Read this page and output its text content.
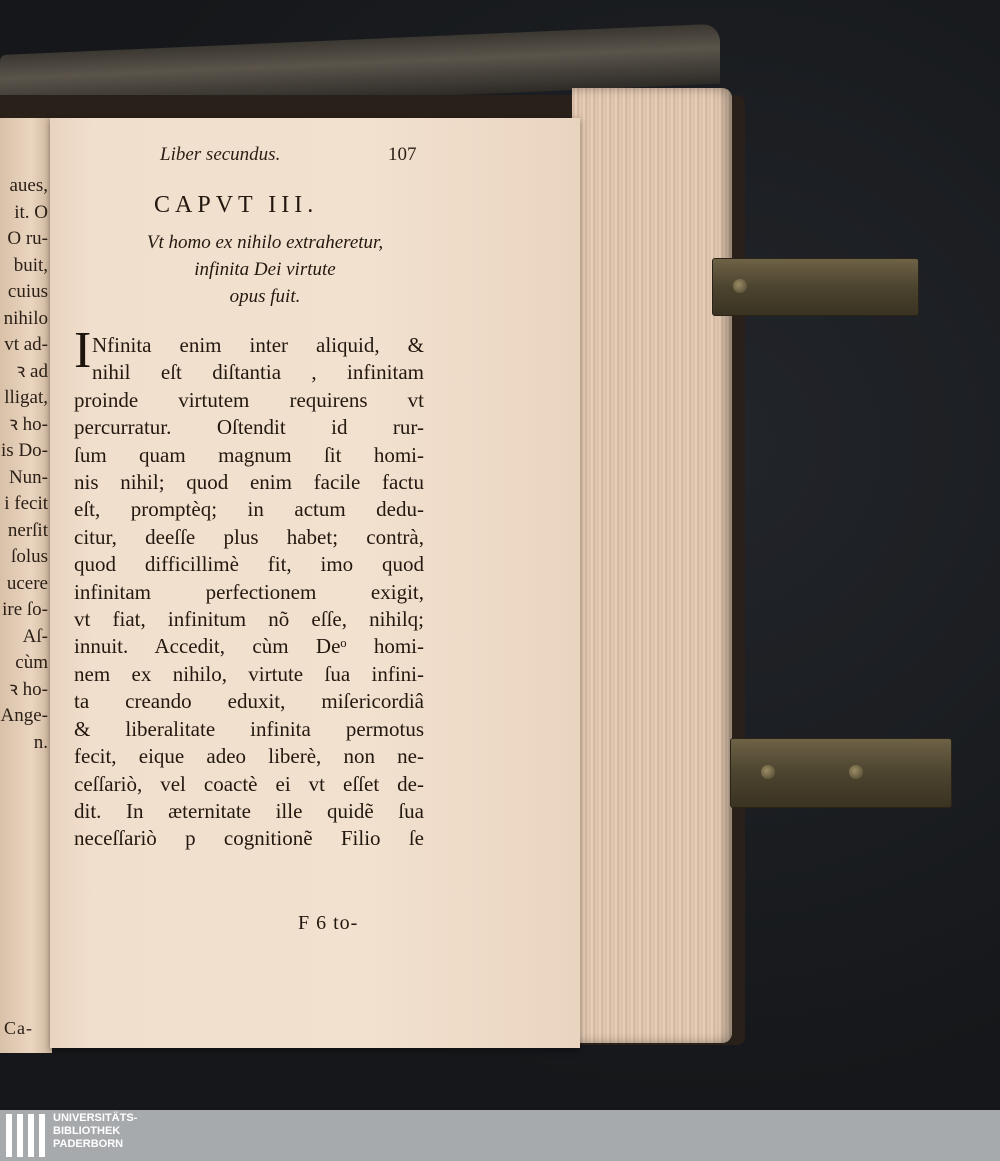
aues,
it. O
O ru-
buit,
cuius
nihilo
vt ad-
ꝛ ad
lligat,
ꝛ ho-
is Do-
Nun-
i fecit
nerſit
ſolus
ucere
ire ſo-
Aſ-
cùm
ꝛ ho-
Ange-
n.
Ca-
Liber secundus.	107
CAPVT III.
Vt homo ex nihilo extraheretur,
infinita Dei virtute
opus fuit.
I Nfinita enim inter aliquid, &
nihil eſt diſtantia , infinitam
proinde virtutem requirens vt
percurratur. Oſtendit id rur-
ſum quam magnum ſit homi-
nis nihil; quod enim facile factu
eſt, promptèq; in actum dedu-
citur, deeſſe plus habet; contrà,
quod difficillimè fit, imo quod
infinitam perfectionem exigit,
vt fiat, infinitum nõ eſſe, nihilq;
innuit. Accedit, cùm Deᵒ homi-
nem ex nihilo, virtute ſua infini-
ta creando eduxit, miſericordiâ
& liberalitate infinita permotus
fecit, eique adeo liberè, non ne-
ceſſariò, vel coactè ei vt eſſet de-
dit. In æternitate ille quidẽ ſua
neceſſariò p cognitionẽ Filio ſe
F 6 to-
UNIVERSITÄTS-
BIBLIOTHEK
PADERBORN
